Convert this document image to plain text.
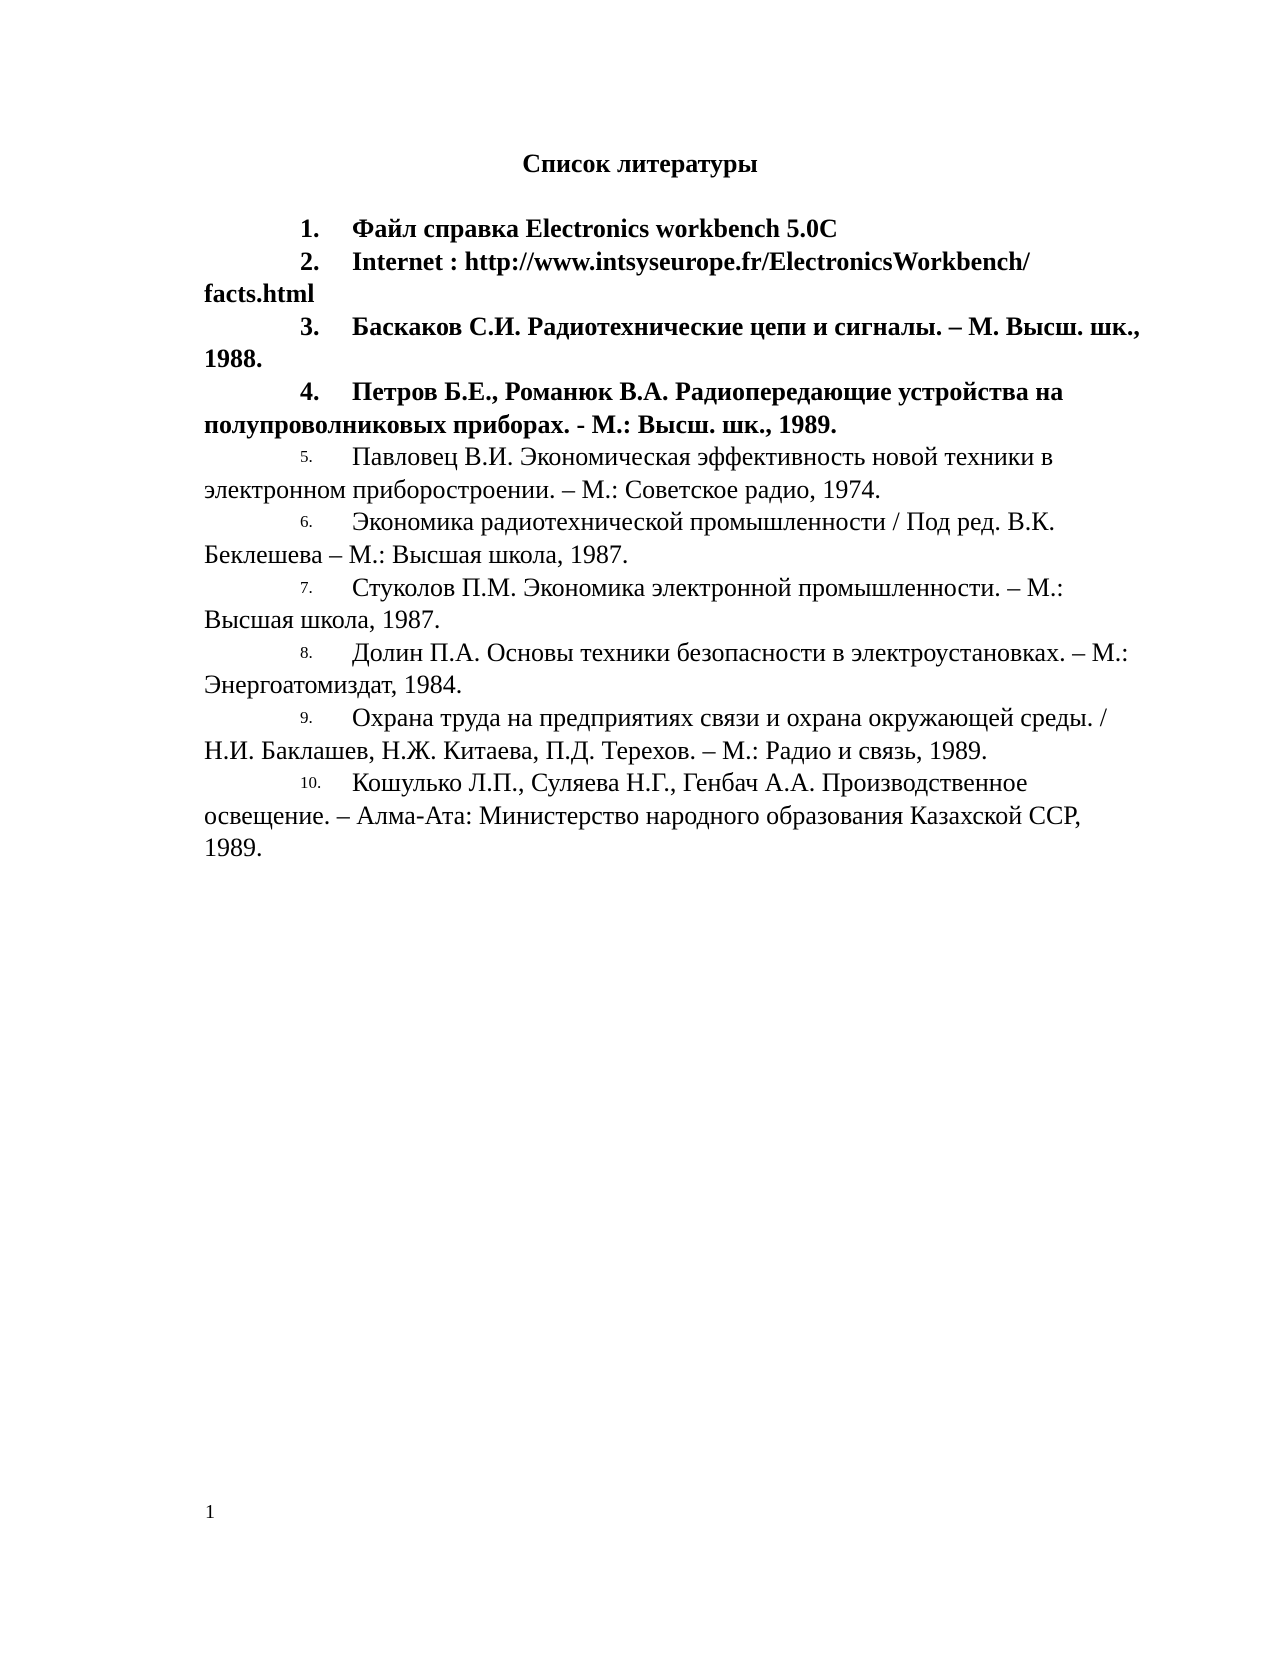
Список литературы
1. Файл справка Electronics workbench 5.0C
2. Internet : http://www.intsyseurope.fr/ElectronicsWorkbench/ facts.html
3. Баскаков С.И. Радиотехнические цепи и сигналы. – М. Высш. шк., 1988.
4. Петров Б.Е., Романюк В.А. Радиопередающие устройства на полупроволниковых приборах. - М.: Высш. шк., 1989.
5. Павловец В.И. Экономическая эффективность новой техники в электронном приборостроении. – М.: Советское радио, 1974.
6. Экономика радиотехнической промышленности / Под ред. В.К. Беклешева – М.: Высшая школа, 1987.
7. Стуколов П.М. Экономика электронной промышленности. – М.: Высшая школа, 1987.
8. Долин П.А. Основы техники безопасности в электроустановках. – М.: Энергоатомиздат, 1984.
9. Охрана труда на предприятиях связи и охрана окружающей среды. / Н.И. Баклашев, Н.Ж. Китаева, П.Д. Терехов. – М.: Радио и связь, 1989.
10. Кошулько Л.П., Суляева Н.Г., Генбач А.А. Производственное освещение. – Алма-Ата: Министерство народного образования Казахской ССР, 1989.
1
